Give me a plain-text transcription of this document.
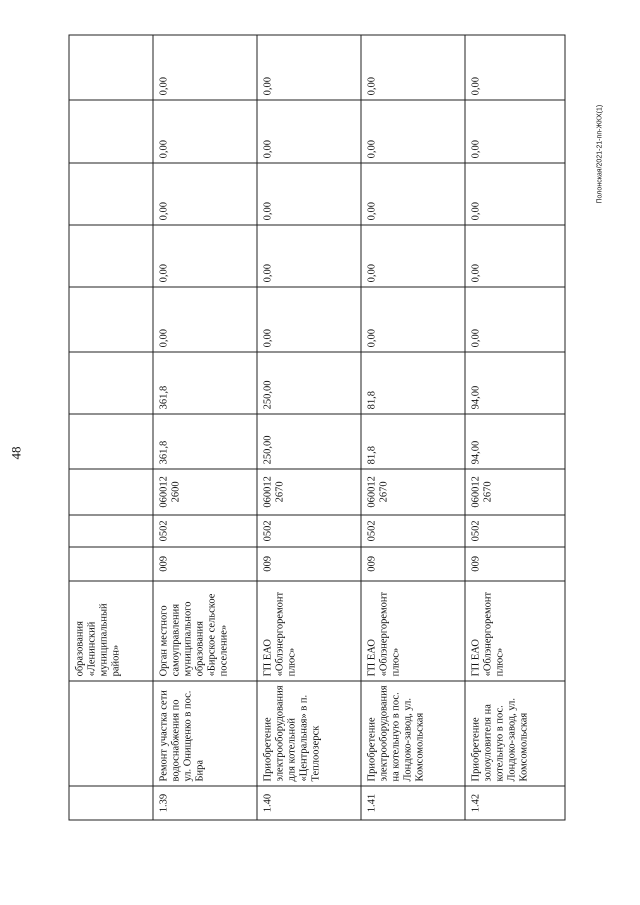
48
		образования «Ленинский муниципальный район»										
1.39	Ремонт участка сети водоснабжения по ул. Онищенко в пос. Бира	Орган местного самоуправления муниципального образования «Бирское сельское поселение»	009	0502	060012 2600	361,8	361,8	0,00	0,00	0,00	0,00	0,00
1.40	Приобретение электрооборудования для котельной «Центральная» в п. Теплоозерск	ГП ЕАО «Облэнергоремонт плюс»	009	0502	060012 2670	250,00	250,00	0,00	0,00	0,00	0,00	0,00
1.41	Приобретение электрооборудования на котельную в пос. Лондоко-завод, ул. Комсомольская	ГП ЕАО «Облэнергоремонт плюс»	009	0502	060012 2670	81,8	81,8	0,00	0,00	0,00	0,00	0,00
1.42	Приобретение золоуловителя на котельную в пос. Лондоко-завод, ул. Комсомольская	ГП ЕАО «Облэнергоремонт плюс»	009	0502	060012 2670	94,00	94,00	0,00	0,00	0,00	0,00	0,00
Полонская/2021-21-пп-ЖКХ(1)
